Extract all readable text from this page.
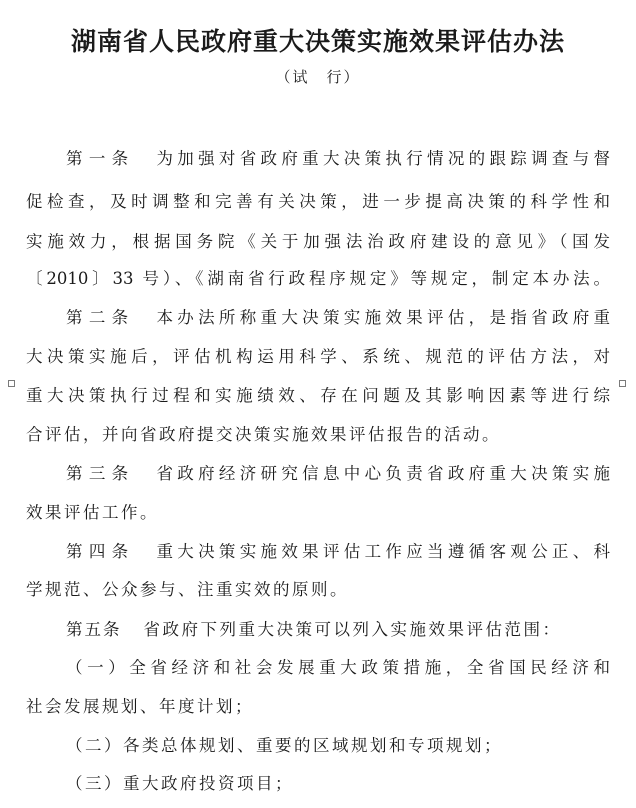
湖南省人民政府重大决策实施效果评估办法
（试　行）
第一条 为加强对省政府重大决策执行情况的跟踪调查与督
促检查，及时调整和完善有关决策，进一步提高决策的科学性和
实施效力，根据国务院《关于加强法治政府建设的意见》（国发
〔2010〕33 号）、《湖南省行政程序规定》等规定，制定本办法。
第二条 本办法所称重大决策实施效果评估，是指省政府重
大决策实施后，评估机构运用科学、系统、规范的评估方法，对
重大决策执行过程和实施绩效、存在问题及其影响因素等进行综
合评估，并向省政府提交决策实施效果评估报告的活动。
第三条 省政府经济研究信息中心负责省政府重大决策实施
效果评估工作。
第四条 重大决策实施效果评估工作应当遵循客观公正、科
学规范、公众参与、注重实效的原则。
第五条 省政府下列重大决策可以列入实施效果评估范围：
（一）全省经济和社会发展重大政策措施，全省国民经济和
社会发展规划、年度计划；
（二）各类总体规划、重要的区域规划和专项规划；
（三）重大政府投资项目；
